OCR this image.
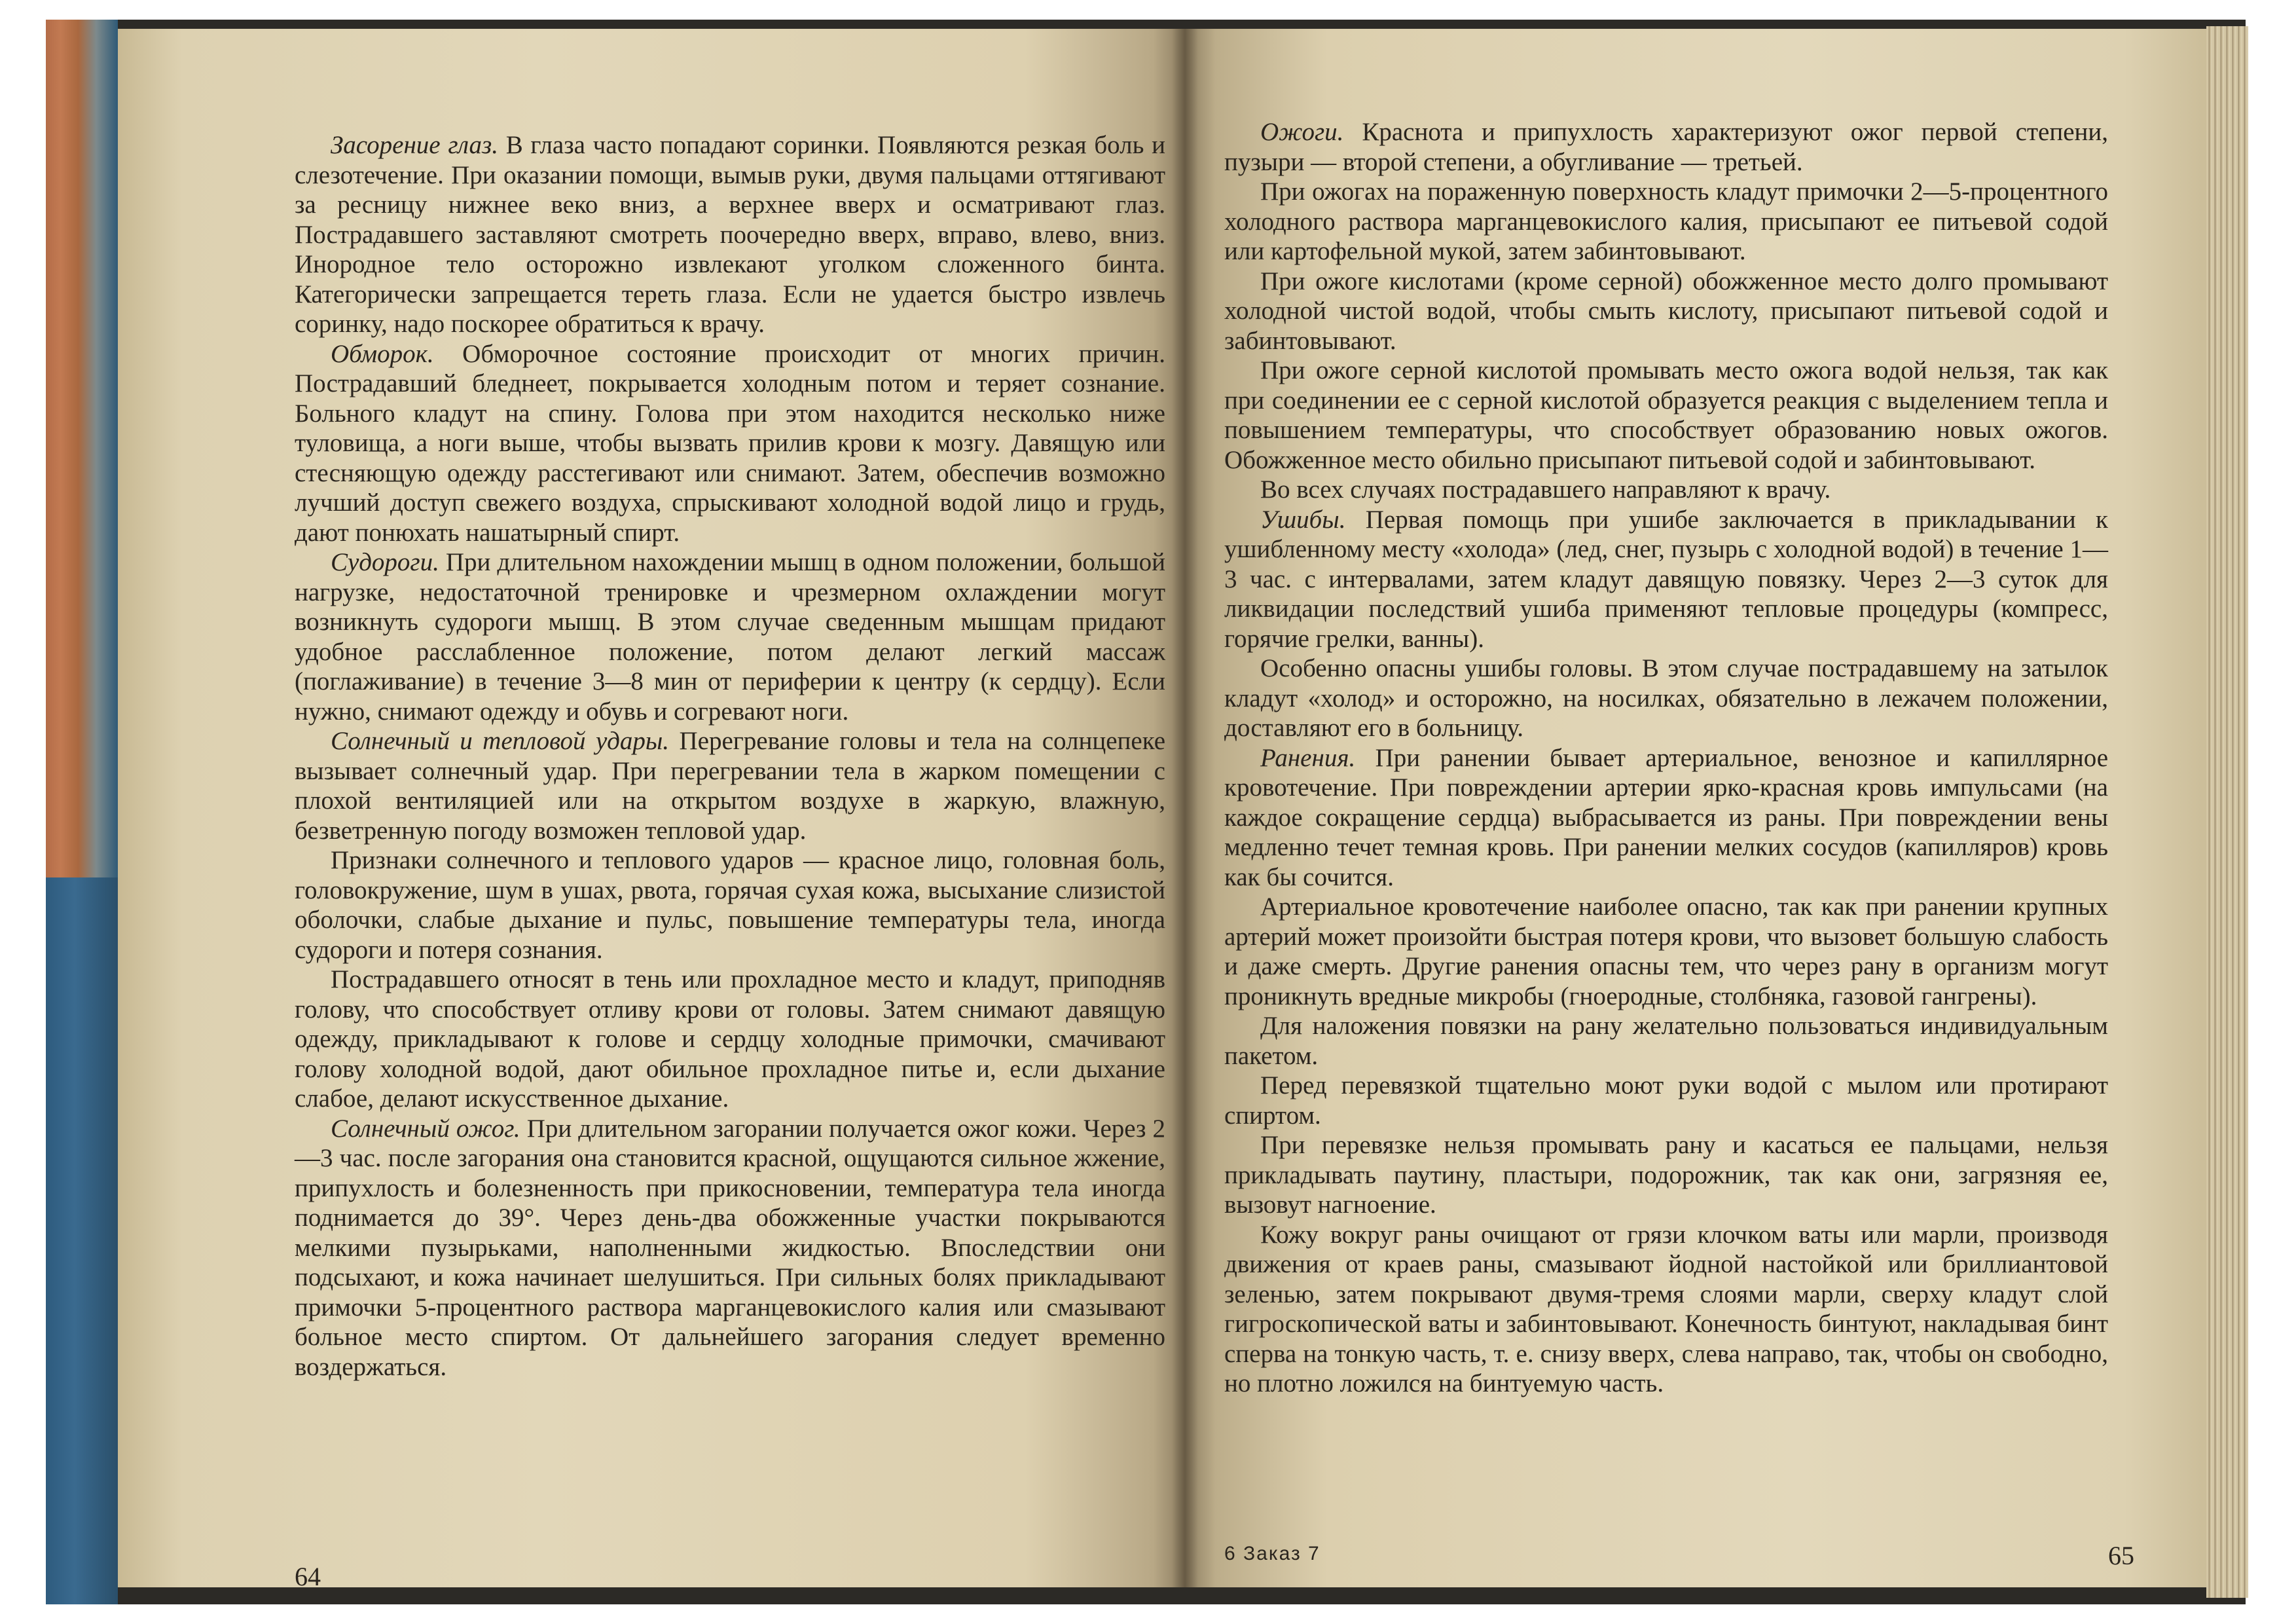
Засорение глаз. В глаза часто попадают соринки. Появляются резкая боль и слезотечение. При оказании помощи, вымыв руки, двумя пальцами оттягивают за ресницу нижнее веко вниз, а верхнее вверх и осматривают глаз. Пострадавшего заставляют смотреть поочередно вверх, вправо, влево, вниз. Инородное тело осторожно извлекают уголком сложенного бинта. Категорически запрещается тереть глаза. Если не удается быстро извлечь соринку, надо поскорее обратиться к врачу.

Обморок. Обморочное состояние происходит от многих причин. Пострадавший бледнеет, покрывается холодным потом и теряет сознание. Больного кладут на спину. Голова при этом находится несколько ниже туловища, а ноги выше, чтобы вызвать прилив крови к мозгу. Давящую или стесняющую одежду расстегивают или снимают. Затем, обеспечив возможно лучший доступ свежего воздуха, спрыскивают холодной водой лицо и грудь, дают понюхать нашатырный спирт.

Судороги. При длительном нахождении мышц в одном положении, большой нагрузке, недостаточной тренировке и чрезмерном охлаждении могут возникнуть судороги мышц. В этом случае сведенным мышцам придают удобное расслабленное положение, потом делают легкий массаж (поглаживание) в течение 3—8 мин от периферии к центру (к сердцу). Если нужно, снимают одежду и обувь и согревают ноги.

Солнечный и тепловой удары. Перегревание головы и тела на солнцепеке вызывает солнечный удар. При перегревании тела в жарком помещении с плохой вентиляцией или на открытом воздухе в жаркую, влажную, безветренную погоду возможен тепловой удар.

Признаки солнечного и теплового ударов — красное лицо, головная боль, головокружение, шум в ушах, рвота, горячая сухая кожа, высыхание слизистой оболочки, слабые дыхание и пульс, повышение температуры тела, иногда судороги и потеря сознания.

Пострадавшего относят в тень или прохладное место и кладут, приподняв голову, что способствует отливу крови от головы. Затем снимают давящую одежду, прикладывают к голове и сердцу холодные примочки, смачивают голову холодной водой, дают обильное прохладное питье и, если дыхание слабое, делают искусственное дыхание.

Солнечный ожог. При длительном загорании получается ожог кожи. Через 2—3 час. после загорания она становится красной, ощущаются сильное жжение, припухлость и болезненность при прикосновении, температура тела иногда поднимается до 39°. Через день-два обожженные участки покрываются мелкими пузырьками, наполненными жидкостью. Впоследствии они подсыхают, и кожа начинает шелушиться. При сильных болях прикладывают примочки 5-процентного раствора марганцевокислого калия или смазывают больное место спиртом. От дальнейшего загорания следует временно воздержаться.

64

Ожоги. Краснота и припухлость характеризуют ожог первой степени, пузыри — второй степени, а обугливание — третьей.

При ожогах на пораженную поверхность кладут примочки 2—5-процентного холодного раствора марганцевокислого калия, присыпают ее питьевой содой или картофельной мукой, затем забинтовывают.

При ожоге кислотами (кроме серной) обожженное место долго промывают холодной чистой водой, чтобы смыть кислоту, присыпают питьевой содой и забинтовывают.

При ожоге серной кислотой промывать место ожога водой нельзя, так как при соединении ее с серной кислотой образуется реакция с выделением тепла и повышением температуры, что способствует образованию новых ожогов. Обожженное место обильно присыпают питьевой содой и забинтовывают.

Во всех случаях пострадавшего направляют к врачу.

Ушибы. Первая помощь при ушибе заключается в прикладывании к ушибленному месту «холода» (лед, снег, пузырь с холодной водой) в течение 1—3 час. с интервалами, затем кладут давящую повязку. Через 2—3 суток для ликвидации последствий ушиба применяют тепловые процедуры (компресс, горячие грелки, ванны).

Особенно опасны ушибы головы. В этом случае пострадавшему на затылок кладут «холод» и осторожно, на носилках, обязательно в лежачем положении, доставляют его в больницу.

Ранения. При ранении бывает артериальное, венозное и капиллярное кровотечение. При повреждении артерии ярко-красная кровь импульсами (на каждое сокращение сердца) выбрасывается из раны. При повреждении вены медленно течет темная кровь. При ранении мелких сосудов (капилляров) кровь как бы сочится.

Артериальное кровотечение наиболее опасно, так как при ранении крупных артерий может произойти быстрая потеря крови, что вызовет большую слабость и даже смерть. Другие ранения опасны тем, что через рану в организм могут проникнуть вредные микробы (гноеродные, столбняка, газовой гангрены).

Для наложения повязки на рану желательно пользоваться индивидуальным пакетом.

Перед перевязкой тщательно моют руки водой с мылом или протирают спиртом.

При перевязке нельзя промывать рану и касаться ее пальцами, нельзя прикладывать паутину, пластыри, подорожник, так как они, загрязняя ее, вызовут нагноение.

Кожу вокруг раны очищают от грязи клочком ваты или марли, производя движения от краев раны, смазывают йодной настойкой или бриллиантовой зеленью, затем покрывают двумя-тремя слоями марли, сверху кладут слой гигроскопической ваты и забинтовывают. Конечность бинтуют, накладывая бинт сперва на тонкую часть, т. е. снизу вверх, слева направо, так, чтобы он свободно, но плотно ложился на бинтуемую часть.

6 Заказ 7	65
